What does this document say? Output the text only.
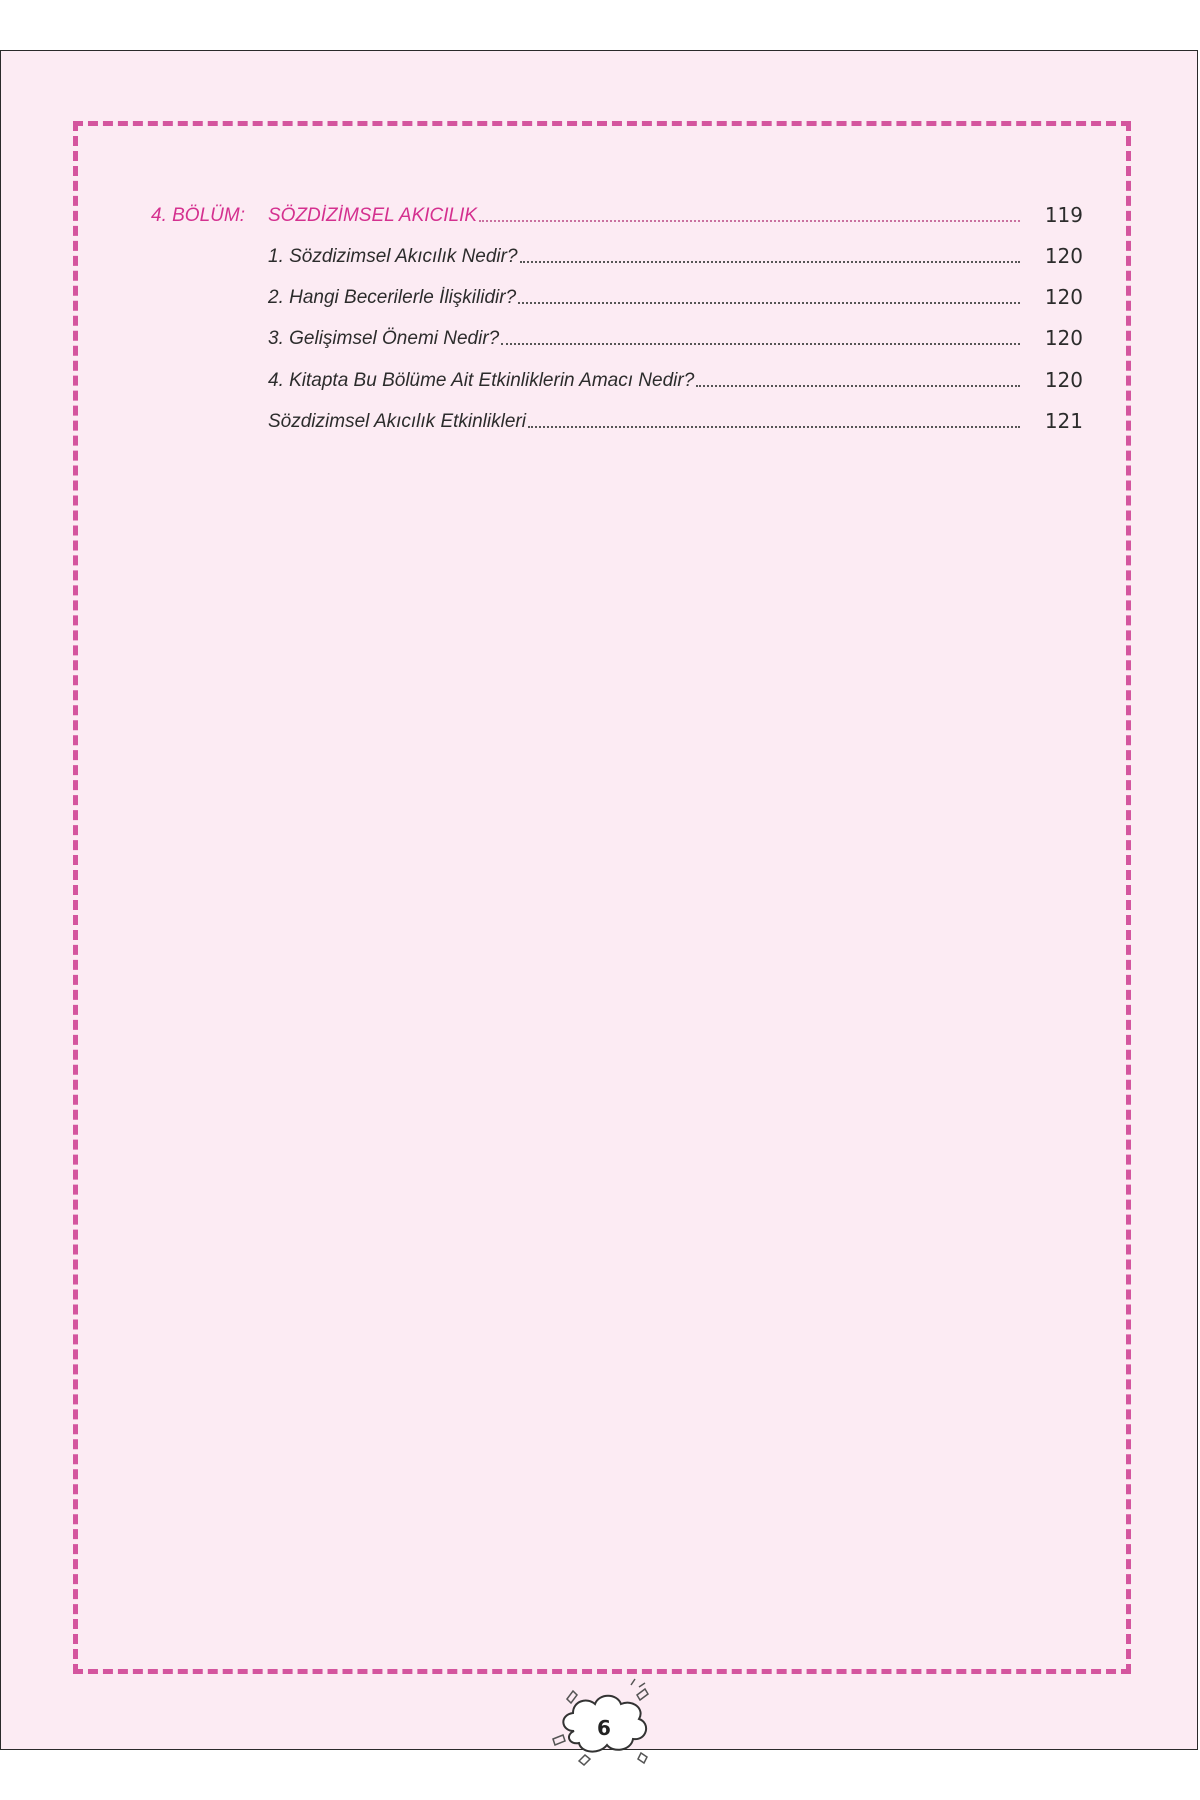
4. BÖLÜM: SÖZDİZİMSEL AKICILIK	119
1. Sözdizimsel Akıcılık Nedir?	120
2. Hangi Becerilerle İlişkilidir?	120
3. Gelişimsel Önemi Nedir?	120
4. Kitapta Bu Bölüme Ait Etkinliklerin Amacı Nedir?	120
Sözdizimsel Akıcılık Etkinlikleri	121
6
